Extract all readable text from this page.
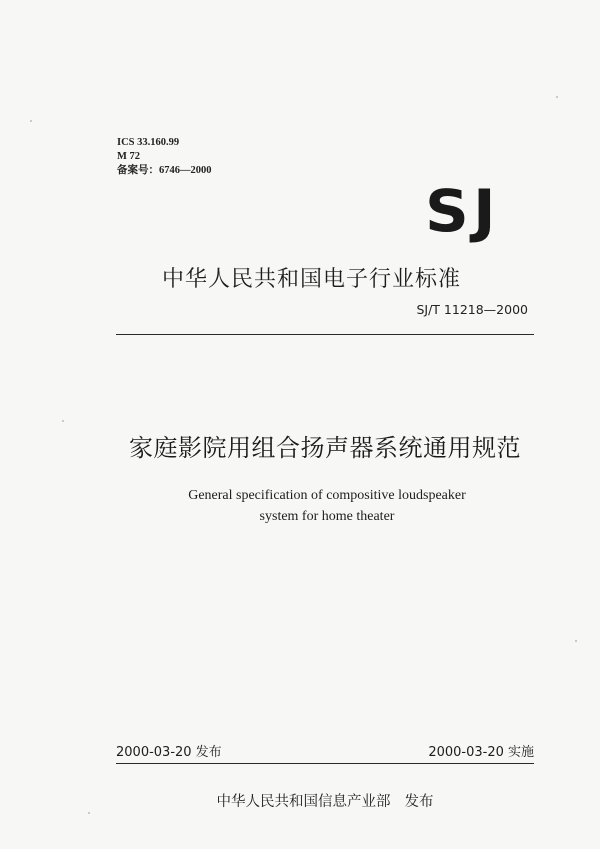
ICS 33.160.99
M 72
备案号：6746—2000
SJ
中华人民共和国电子行业标准
SJ/T 11218—2000
家庭影院用组合扬声器系统通用规范
General specification of compositive loudspeaker
system for home theater
2000-03-20 发布	2000-03-20 实施
中华人民共和国信息产业部 发布
